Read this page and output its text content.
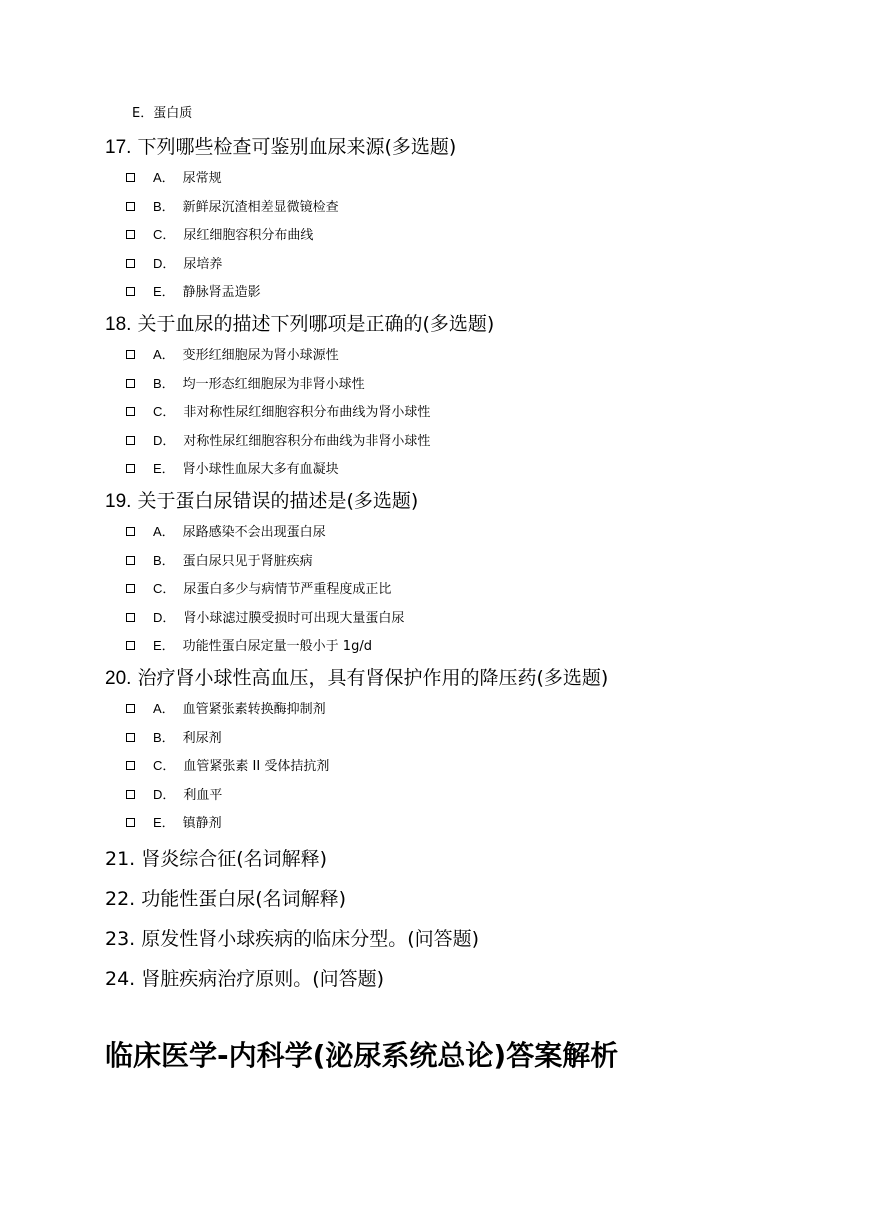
E．蛋白质
17. 下列哪些检查可鉴别血尿来源(多选题)
A． 尿常规
B． 新鲜尿沉渣相差显微镜检查
C． 尿红细胞容积分布曲线
D． 尿培养
E． 静脉肾盂造影
18. 关于血尿的描述下列哪项是正确的(多选题)
A． 变形红细胞尿为肾小球源性
B． 均一形态红细胞尿为非肾小球性
C． 非对称性尿红细胞容积分布曲线为肾小球性
D． 对称性尿红细胞容积分布曲线为非肾小球性
E． 肾小球性血尿大多有血凝块
19. 关于蛋白尿错误的描述是(多选题)
A． 尿路感染不会出现蛋白尿
B． 蛋白尿只见于肾脏疾病
C． 尿蛋白多少与病情节严重程度成正比
D． 肾小球滤过膜受损时可出现大量蛋白尿
E． 功能性蛋白尿定量一般小于 1g/d
20. 治疗肾小球性高血压，具有肾保护作用的降压药(多选题)
A． 血管紧张素转换酶抑制剂
B． 利尿剂
C． 血管紧张素 II 受体拮抗剂
D． 利血平
E． 镇静剂
21. 肾炎综合征(名词解释)
22. 功能性蛋白尿(名词解释)
23. 原发性肾小球疾病的临床分型。(问答题)
24. 肾脏疾病治疗原则。(问答题)
临床医学-内科学(泌尿系统总论)答案解析
